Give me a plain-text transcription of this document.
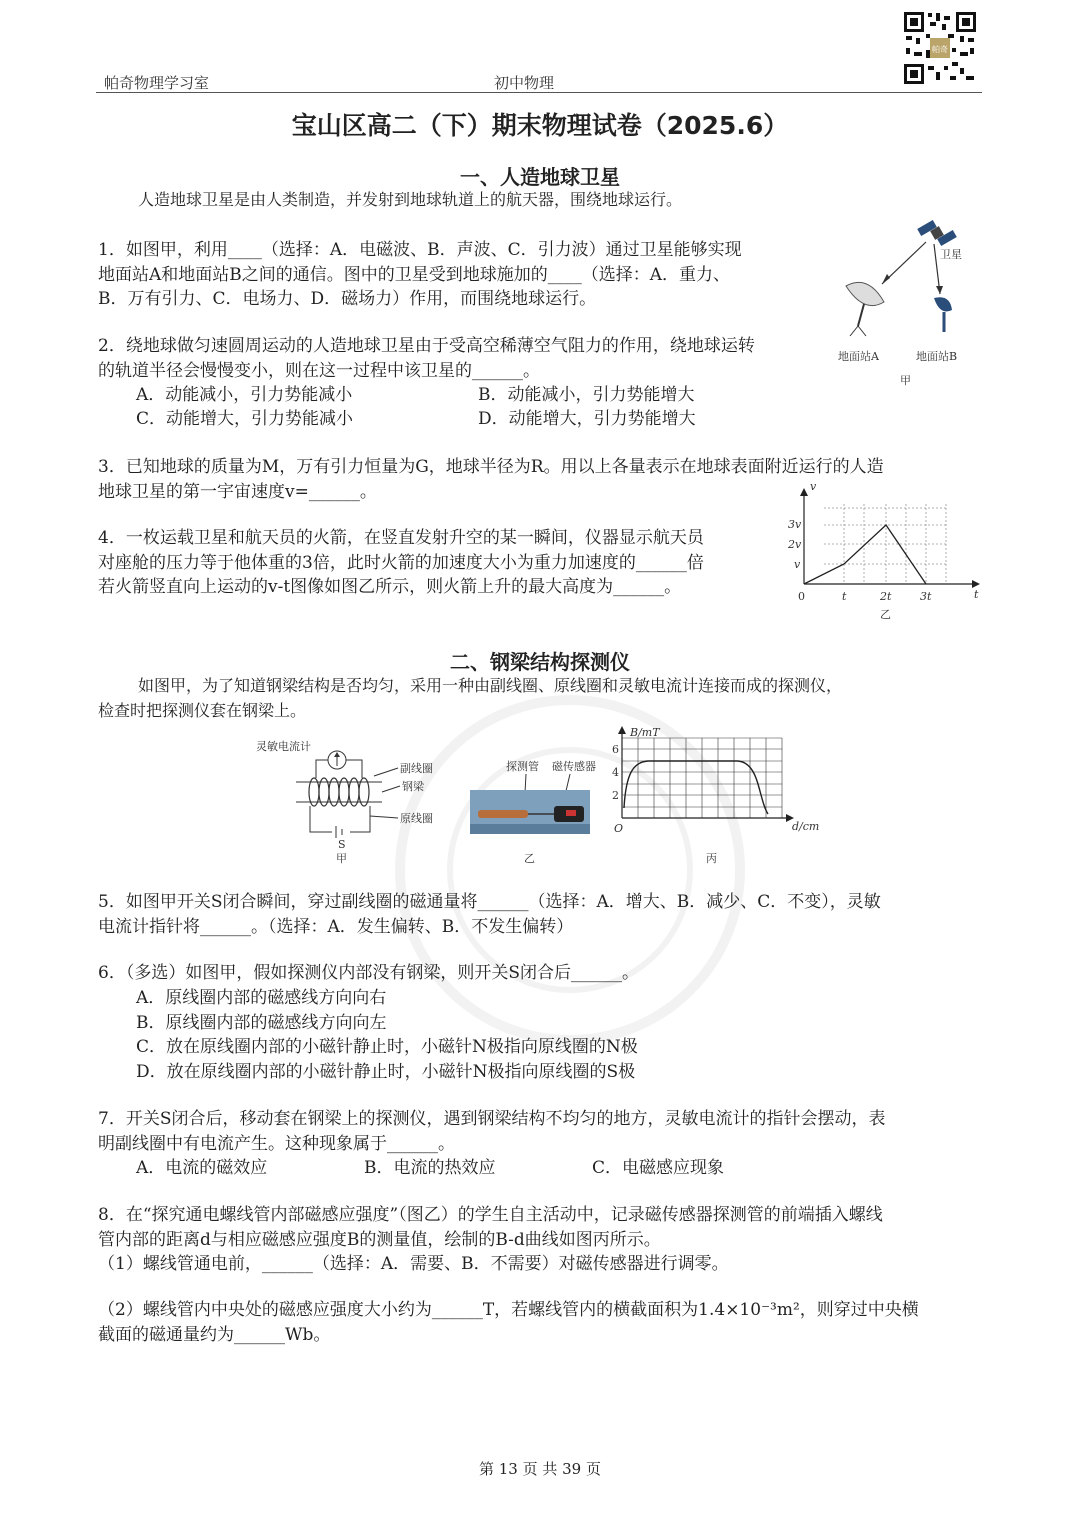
帕奇物理学习室	初中物理
帕奇
宝山区高二（下）期末物理试卷（2025.6）
一、人造地球卫星
人造地球卫星是由人类制造，并发射到地球轨道上的航天器，围绕地球运行。
1．如图甲，利用____（选择：A．电磁波、B．声波、C．引力波）通过卫星能够实现
地面站A和地面站B之间的通信。图中的卫星受到地球施加的____（选择：A．重力、
B．万有引力、C．电场力、D．磁场力）作用，而围绕地球运行。
2．绕地球做匀速圆周运动的人造地球卫星由于受高空稀薄空气阻力的作用，绕地球运转
的轨道半径会慢慢变小，则在这一过程中该卫星的______。
A．动能减小，引力势能减小	B．动能减小，引力势能增大
C．动能增大，引力势能减小	D．动能增大，引力势能增大
3．已知地球的质量为M，万有引力恒量为G，地球半径为R。用以上各量表示在地球表面附近运行的人造
地球卫星的第一宇宙速度v=______。
4．一枚运载卫星和航天员的火箭，在竖直发射升空的某一瞬间，仪器显示航天员
对座舱的压力等于他体重的3倍，此时火箭的加速度大小为重力加速度的______倍
若火箭竖直向上运动的v-t图像如图乙所示，则火箭上升的最大高度为______。
卫星
地面站A	地面站B
甲
v
t
0
3v
2v
v
t	2t	3t
乙
二、钢梁结构探测仪
如图甲，为了知道钢梁结构是否均匀，采用一种由副线圈、原线圈和灵敏电流计连接而成的探测仪，
检查时把探测仪套在钢梁上。
灵敏电流计
S
副线圈
钢梁
原线圈
甲
探测管 磁传感器
乙
B/mT
d/cm
O
6
4
2
丙
5．如图甲开关S闭合瞬间，穿过副线圈的磁通量将______（选择：A．增大、B．减少、C．不变），灵敏
电流计指针将______。（选择：A．发生偏转、B．不发生偏转）
6．（多选）如图甲，假如探测仪内部没有钢梁，则开关S闭合后______。
A．原线圈内部的磁感线方向向右
B．原线圈内部的磁感线方向向左
C．放在原线圈内部的小磁针静止时，小磁针N极指向原线圈的N极
D．放在原线圈内部的小磁针静止时，小磁针N极指向原线圈的S极
7．开关S闭合后，移动套在钢梁上的探测仪，遇到钢梁结构不均匀的地方，灵敏电流计的指针会摆动，表
明副线圈中有电流产生。这种现象属于______。
A．电流的磁效应	B．电流的热效应	C．电磁感应现象
8．在“探究通电螺线管内部磁感应强度”（图乙）的学生自主活动中，记录磁传感器探测管的前端插入螺线
管内部的距离d与相应磁感应强度B的测量值，绘制的B-d曲线如图丙所示。
（1）螺线管通电前，______（选择：A．需要、B．不需要）对磁传感器进行调零。
（2）螺线管内中央处的磁感应强度大小约为______T，若螺线管内的横截面积为1.4×10⁻³m²，则穿过中央横
截面的磁通量约为______Wb。
第 13 页 共 39 页
